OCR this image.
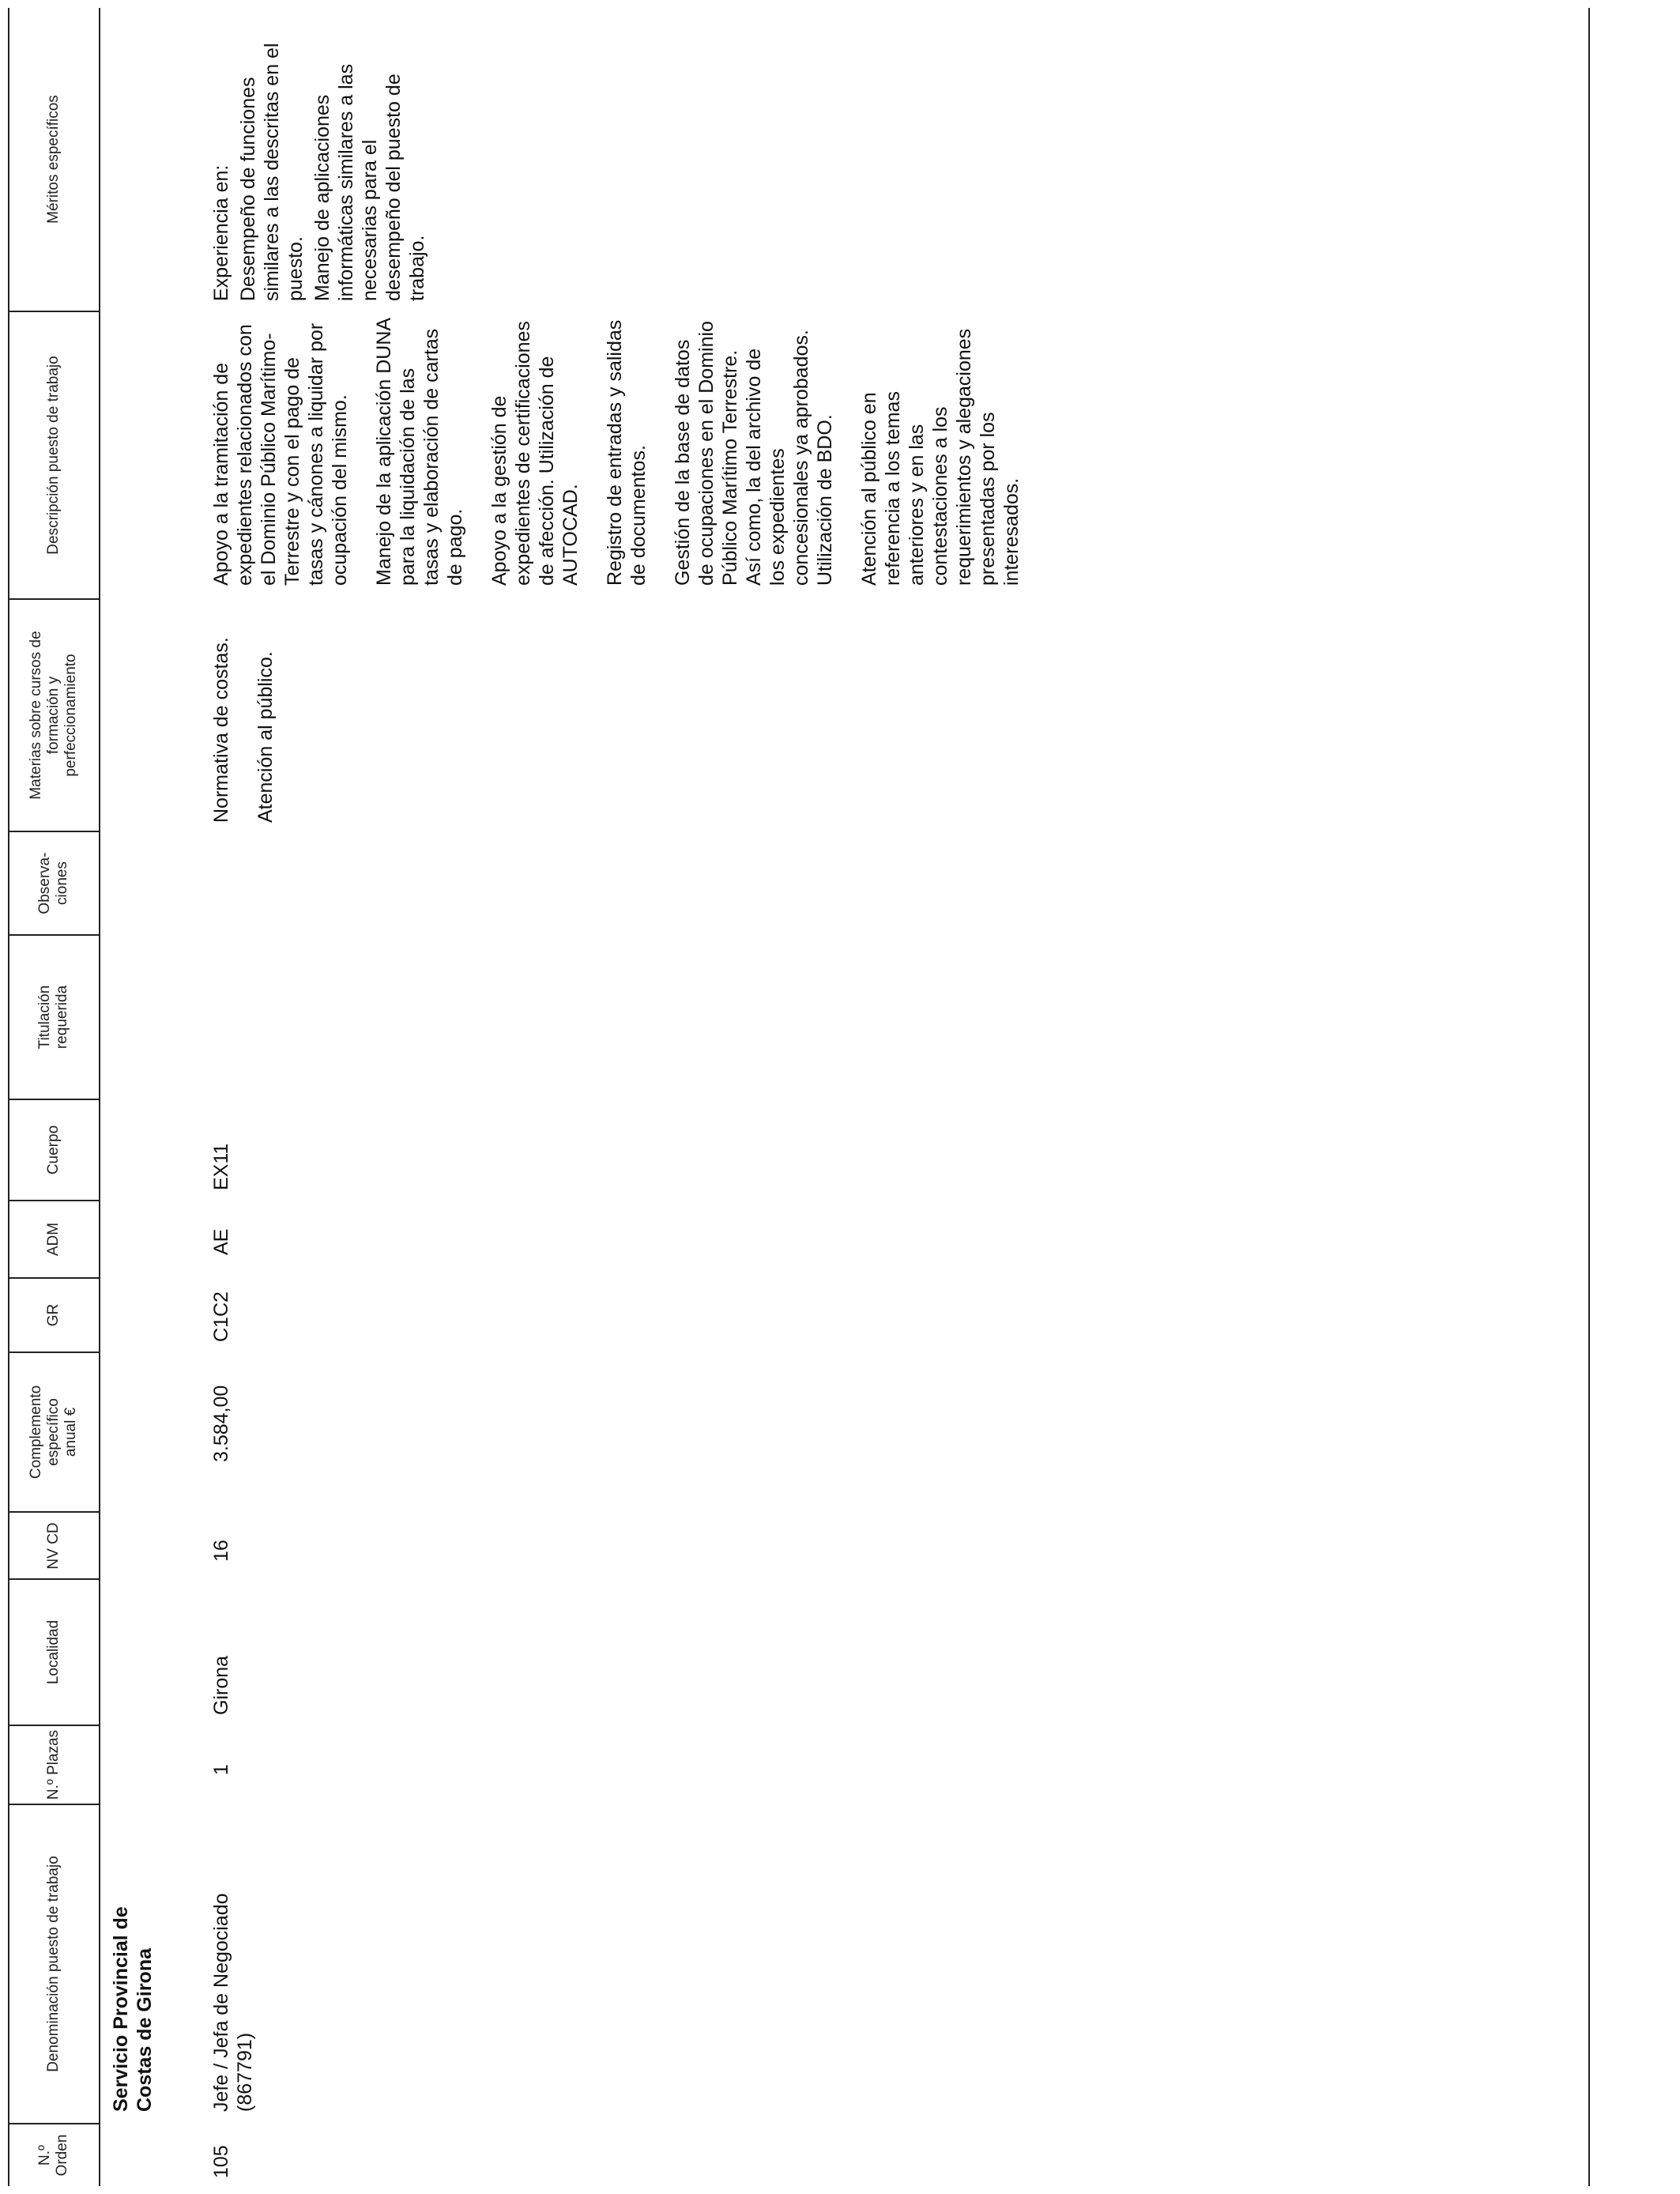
N.º Orden
Denominación puesto de trabajo
N.º Plazas
Localidad
NV CD
Complemento específico anual €
GR
ADM
Cuerpo
Titulación requerida
Observa- ciones
Materias sobre cursos de formación y perfeccionamiento
Descripción puesto de trabajo
Méritos específicos
Servicio Provincial de Costas de Girona
105
Jefe / Jefa de Negociado (867791)
1
Girona
16
3.584,00
C1C2
AE
EX11

Normativa de costas. Atención al público.

Apoyo a la tramitación de expedientes relacionados con el Dominio Público Marítimo-Terrestre y con el pago de tasas y cánones a liquidar por ocupación del mismo. Manejo de la aplicación DUNA para la liquidación de las tasas y elaboración de cartas de pago. Apoyo a la gestión de expedientes de certificaciones de afección. Utilización de AUTOCAD. Registro de entradas y salidas de documentos. Gestión de la base de datos de ocupaciones en el Dominio Público Marítimo Terrestre. Así como, la del archivo de los expedientes concesionales ya aprobados. Utilización de BDO. Atención al público en referencia a los temas anteriores y en las contestaciones a los requerimientos y alegaciones presentadas por los interesados.

Experiencia en: Desempeño de funciones similares a las descritas en el puesto. Manejo de aplicaciones informáticas similares a las necesarias para el desempeño del puesto de trabajo.
